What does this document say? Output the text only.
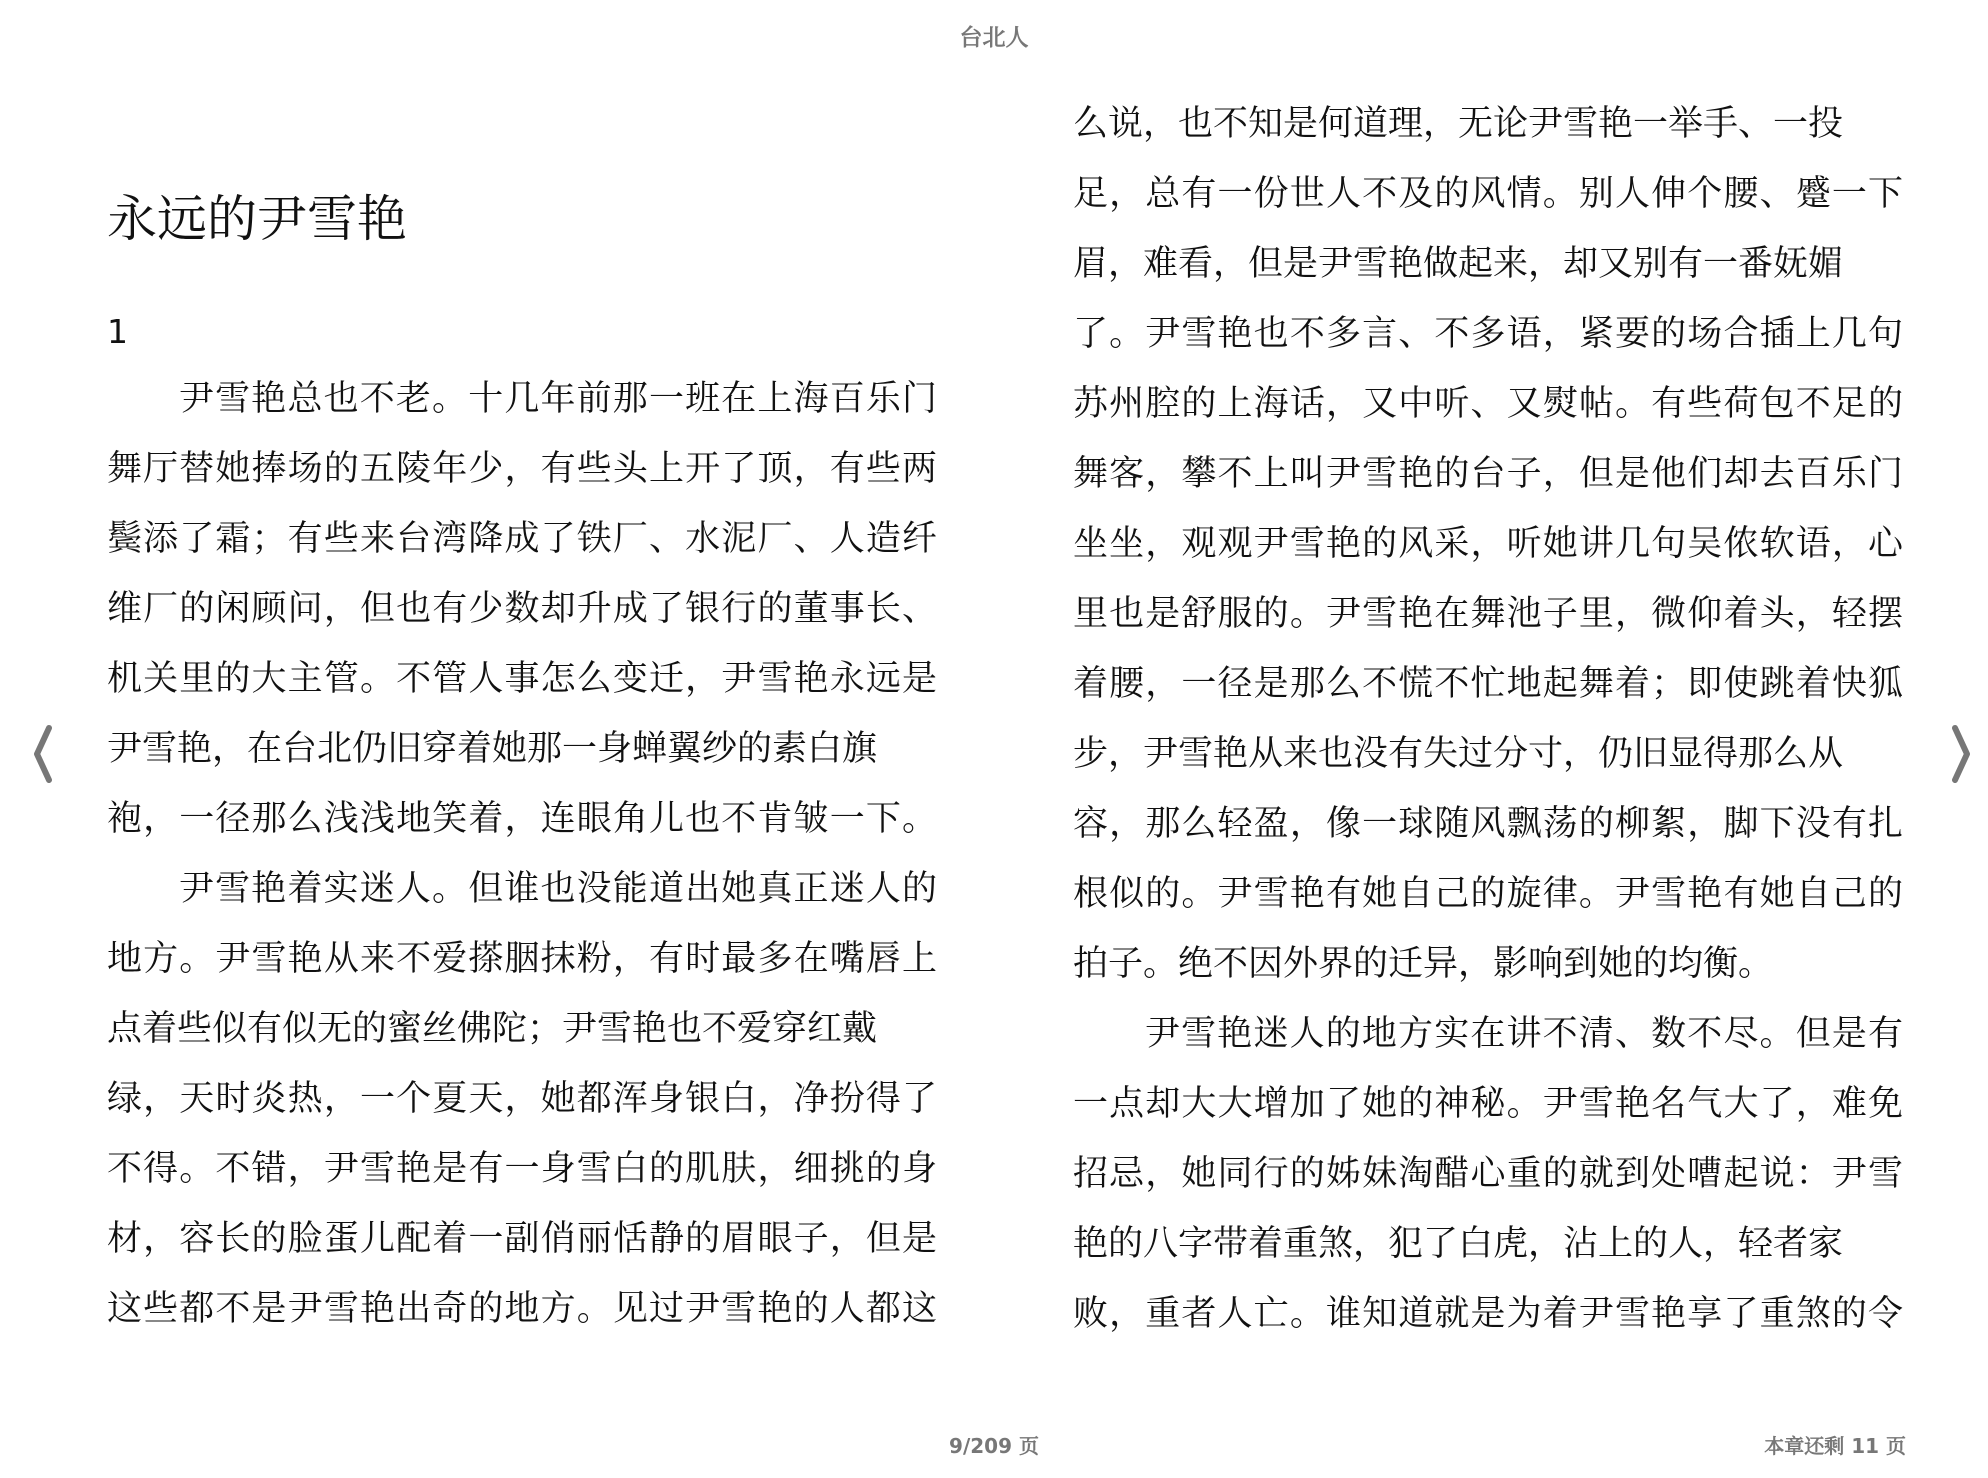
台北人
永远的尹雪艳
1
尹雪艳总也不老。十几年前那一班在上海百乐门
舞厅替她捧场的五陵年少，有些头上开了顶，有些两
鬓添了霜；有些来台湾降成了铁厂、水泥厂、人造纤
维厂的闲顾问，但也有少数却升成了银行的董事长、
机关里的大主管。不管人事怎么变迁，尹雪艳永远是
尹雪艳，在台北仍旧穿着她那一身蝉翼纱的素白旗
袍，一径那么浅浅地笑着，连眼角儿也不肯皱一下。
尹雪艳着实迷人。但谁也没能道出她真正迷人的
地方。尹雪艳从来不爱搽胭抹粉，有时最多在嘴唇上
点着些似有似无的蜜丝佛陀；尹雪艳也不爱穿红戴
绿，天时炎热，一个夏天，她都浑身银白，净扮得了
不得。不错，尹雪艳是有一身雪白的肌肤，细挑的身
材，容长的脸蛋儿配着一副俏丽恬静的眉眼子，但是
这些都不是尹雪艳出奇的地方。见过尹雪艳的人都这
么说，也不知是何道理，无论尹雪艳一举手、一投
足，总有一份世人不及的风情。别人伸个腰、蹙一下
眉，难看，但是尹雪艳做起来，却又别有一番妩媚
了。尹雪艳也不多言、不多语，紧要的场合插上几句
苏州腔的上海话，又中听、又熨帖。有些荷包不足的
舞客，攀不上叫尹雪艳的台子，但是他们却去百乐门
坐坐，观观尹雪艳的风采，听她讲几句吴侬软语，心
里也是舒服的。尹雪艳在舞池子里，微仰着头，轻摆
着腰，一径是那么不慌不忙地起舞着；即使跳着快狐
步，尹雪艳从来也没有失过分寸，仍旧显得那么从
容，那么轻盈，像一球随风飘荡的柳絮，脚下没有扎
根似的。尹雪艳有她自己的旋律。尹雪艳有她自己的
拍子。绝不因外界的迁异，影响到她的均衡。
尹雪艳迷人的地方实在讲不清、数不尽。但是有
一点却大大增加了她的神秘。尹雪艳名气大了，难免
招忌，她同行的姊妹淘醋心重的就到处嘈起说：尹雪
艳的八字带着重煞，犯了白虎，沾上的人，轻者家
败，重者人亡。谁知道就是为着尹雪艳享了重煞的令
9/209 页	本章还剩 11 页
